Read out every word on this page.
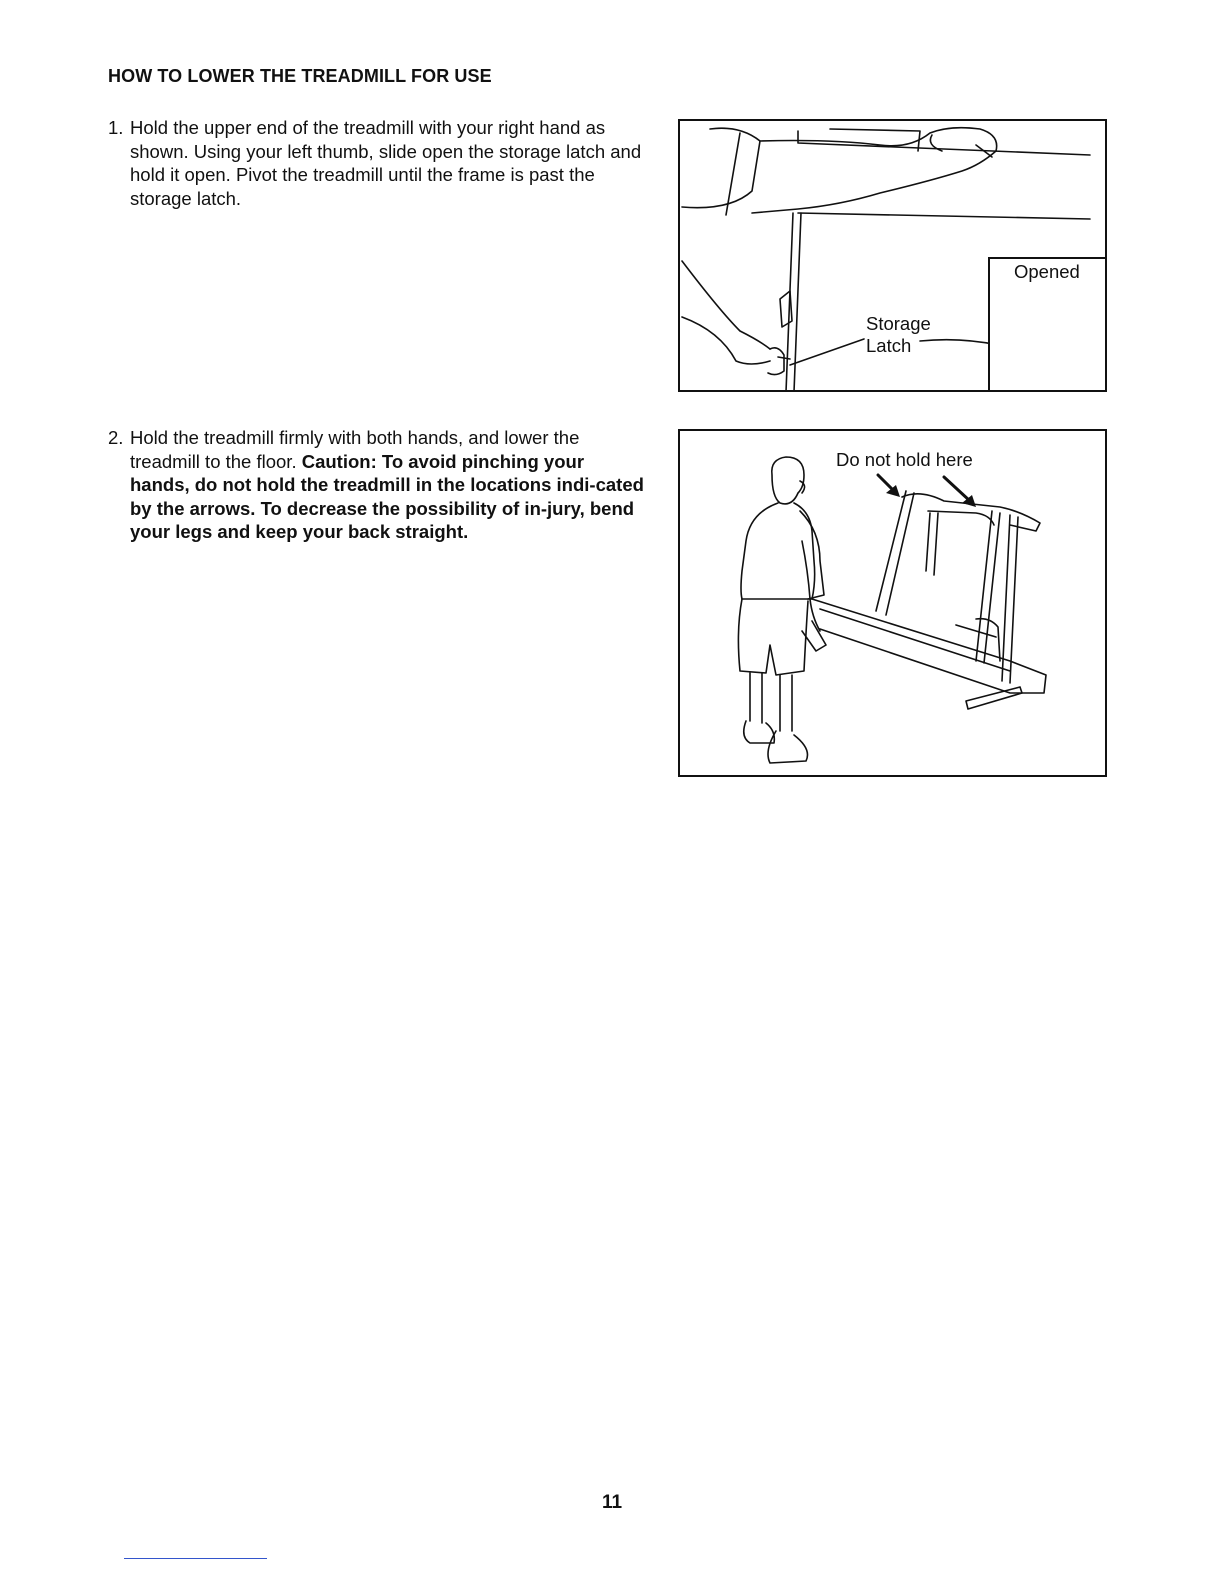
HOW TO LOWER THE TREADMILL FOR USE
1. Hold the upper end of the treadmill with your right hand as shown. Using your left thumb, slide open the storage latch and hold it open. Pivot the treadmill until the frame is past the storage latch.
2. Hold the treadmill firmly with both hands, and lower the treadmill to the floor. Caution: To avoid pinching your hands, do not hold the treadmill in the locations indi-cated by the arrows. To decrease the possibility of in-jury, bend your legs and keep your back straight.
Opened
Storage
Latch
Do not hold here
11
